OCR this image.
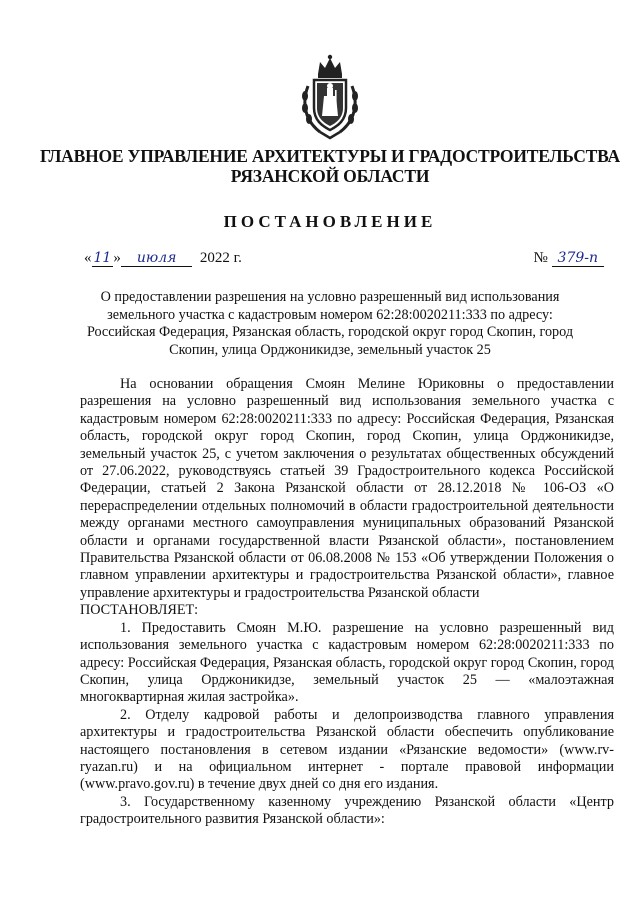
ГЛАВНОЕ УПРАВЛЕНИЕ АРХИТЕКТУРЫ И ГРАДОСТРОИТЕЛЬСТВА
РЯЗАНСКОЙ ОБЛАСТИ
ПОСТАНОВЛЕНИЕ
« 11 » июля 2022 г.	№ 379-п
О предоставлении разрешения на условно разрешенный вид использования земельного участка с кадастровым номером 62:28:0020211:333 по адресу: Российская Федерация, Рязанская область, городской округ город Скопин, город Скопин, улица Орджоникидзе, земельный участок 25

На основании обращения Смоян Мелине Юриковны о предоставлении разрешения на условно разрешенный вид использования земельного участка с кадастровым номером 62:28:0020211:333 по адресу: Российская Федерация, Рязанская область, городской округ город Скопин, город Скопин, улица Орджоникидзе, земельный участок 25, с учетом заключения о результатах общественных обсуждений от 27.06.2022, руководствуясь статьей 39 Градостроительного кодекса Российской Федерации, статьей 2 Закона Рязанской области от 28.12.2018 № 106-ОЗ «О перераспределении отдельных полномочий в области градостроительной деятельности между органами местного самоуправления муниципальных образований Рязанской области и органами государственной власти Рязанской области», постановлением Правительства Рязанской области от 06.08.2008 № 153 «Об утверждении Положения о главном управлении архитектуры и градостроительства Рязанской области», главное управление архитектуры и градостроительства Рязанской области

ПОСТАНОВЛЯЕТ:

1. Предоставить Смоян М.Ю. разрешение на условно разрешенный вид использования земельного участка с кадастровым номером 62:28:0020211:333 по адресу: Российская Федерация, Рязанская область, городской округ город Скопин, город Скопин, улица Орджоникидзе, земельный участок 25 — «малоэтажная многоквартирная жилая застройка».

2. Отделу кадровой работы и делопроизводства главного управления архитектуры и градостроительства Рязанской области обеспечить опубликование настоящего постановления в сетевом издании «Рязанские ведомости» (www.rv-ryazan.ru) и на официальном интернет - портале правовой информации (www.pravo.gov.ru) в течение двух дней со дня его издания.

3. Государственному казенному учреждению Рязанской области «Центр градостроительного развития Рязанской области»:
